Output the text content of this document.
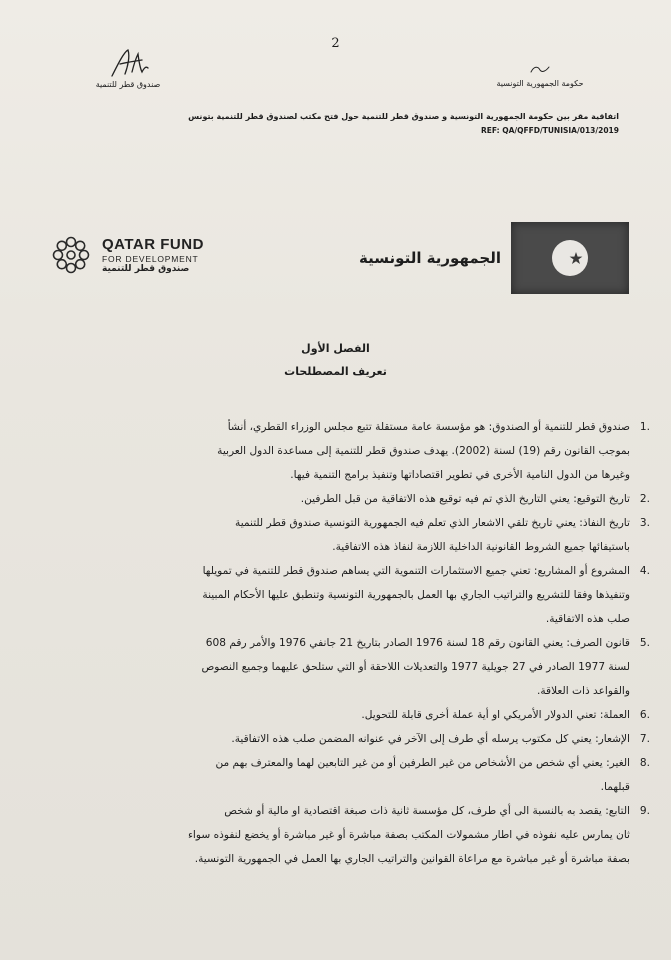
2
صندوق قطر للتنمية	حكومة الجمهورية التونسية
اتفاقية مقر بين حكومة الجمهورية التونسية و صندوق قطر للتنمية حول فتح مكتب لصندوق قطر للتنمية بتونس
REF: QA/QFFD/TUNISIA/013/2019
QATAR FUND
FOR DEVELOPMENT
صندوق قطر للتنمية
الجمهورية التونسية
الفصل الأول
تعريف المصطلحات
1.

صندوق قطر للتنمية أو الصندوق: هو مؤسسة عامة مستقلة تتبع مجلس الوزراء القطري، أنشأ

بموجب القانون رقم (19) لسنة (2002). يهدف صندوق قطر للتنمية إلى مساعدة الدول العربية

وغيرها من الدول النامية الأخرى في تطوير اقتصاداتها وتنفيذ برامج التنمية فيها.

2.

تاريخ التوقيع: يعني التاريخ الذي تم فيه توقيع هذه الاتفاقية من قبل الطرفين.

3.

تاريخ النفاذ: يعني تاريخ تلقي الاشعار الذي تعلم فيه الجمهورية التونسية صندوق قطر للتنمية

باستيفائها جميع الشروط القانونية الداخلية اللازمة لنفاذ هذه الاتفاقية.

4.

المشروع أو المشاريع: تعني جميع الاستثمارات التنموية التي يساهم صندوق قطر للتنمية في تمويلها

وتنفيذها وفقا للتشريع والتراتيب الجاري بها العمل بالجمهورية التونسية وتنطبق عليها الأحكام المبينة

صلب هذه الاتفاقية.

5.

قانون الصرف: يعني القانون رقم 18 لسنة 1976 الصادر بتاريخ 21 جانفي 1976 والأمر رقم 608

لسنة 1977 الصادر في 27 جويلية 1977 والتعديلات اللاحقة أو التي ستلحق عليهما وجميع النصوص

والقواعد ذات العلاقة.

6.

العملة: تعني الدولار الأمريكي او أية عملة أخرى قابلة للتحويل.

7.

الإشعار: يعني كل مكتوب يرسله أي طرف إلى الآخر في عنوانه المضمن صلب هذه الاتفاقية.

8.

الغير: يعني أي شخص من الأشخاص من غير الطرفين أو من غير التابعين لهما والمعترف بهم من

قبلهما.

9.

التابع: يقصد به بالنسبة الى أي طرف، كل مؤسسة ثانية ذات صبغة اقتصادية او مالية أو شخص

ثان يمارس عليه نفوذه في اطار مشمولات المكتب بصفة مباشرة أو غير مباشرة أو يخضع لنفوذه سواء

بصفة مباشرة أو غير مباشرة مع مراعاة القوانين والتراتيب الجاري بها العمل في الجمهورية التونسية.
